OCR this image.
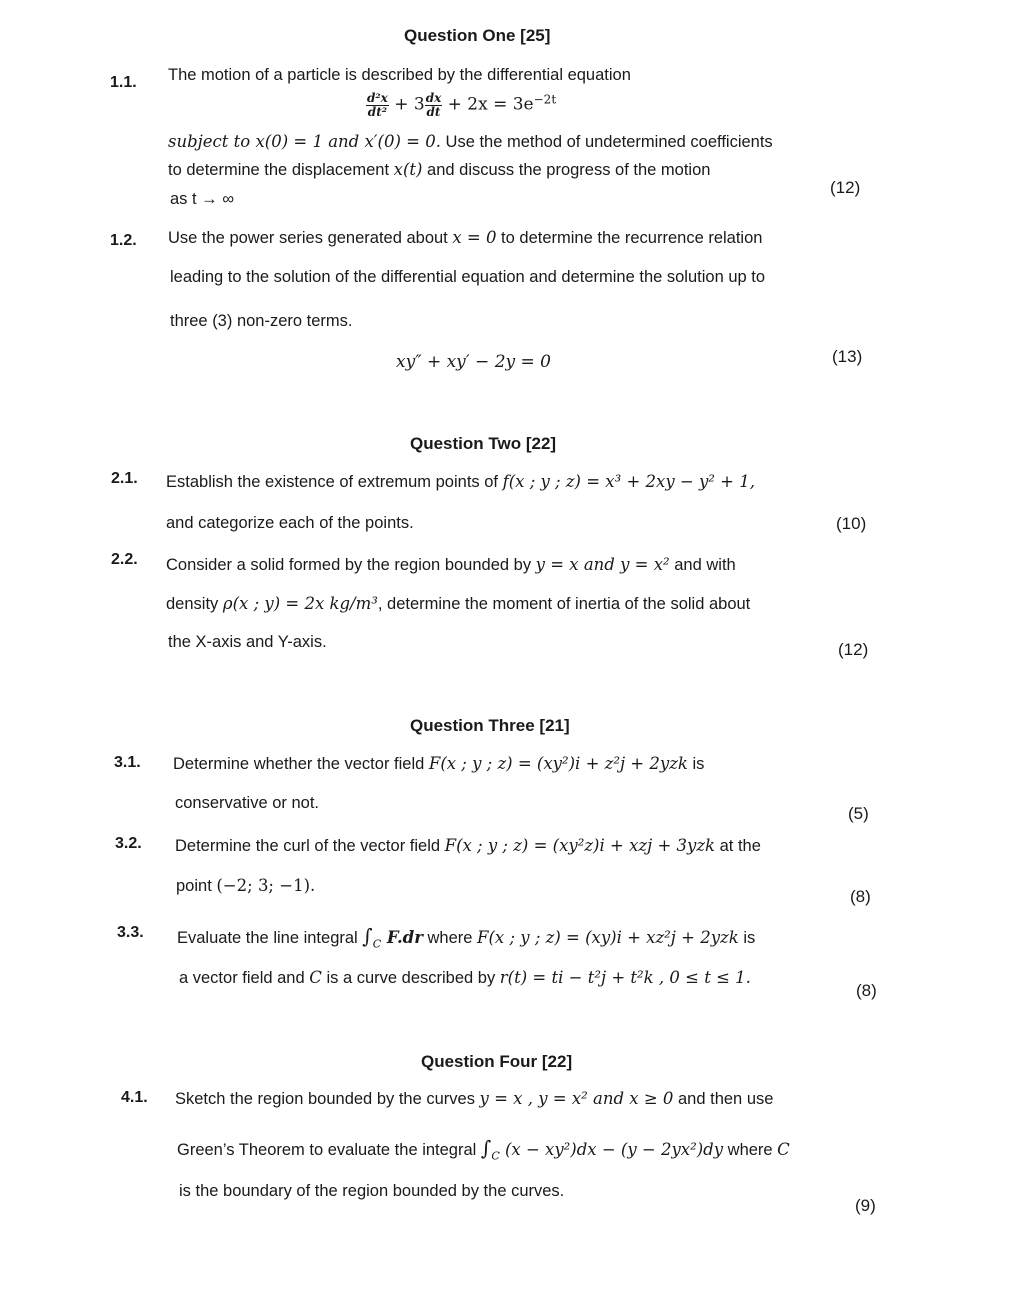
Question One [25]
1.1. The motion of a particle is described by the differential equation
$\frac{\text{d²x}}{\text{dt²}} + 3 \frac{dx}{dt} + 2x = 3e^{-2t}$
subject to x(0) = 1 and x′(0) = 0. Use the method of undetermined coefficients
to determine the displacement x(t) and discuss the progress of the motion
as t → ∞
(12)
1.2. Use the power series generated about x = 0 to determine the recurrence relation
leading to the solution of the differential equation and determine the solution up to
three (3) non-zero terms.
xy″ + xy′ − 2y = 0	(13)
Question Two [22]
2.1. Establish the existence of extremum points of f(x ; y ; z) = x³ + 2xy − y² + 1,
and categorize each of the points.	(10)
2.2. Consider a solid formed by the region bounded by y = x and y = x² and with
density ρ(x ; y) = 2x kg/m³, determine the moment of inertia of the solid about
the X-axis and Y-axis.	(12)
Question Three [21]
3.1. Determine whether the vector field F(x ; y ; z) = (xy²)i + z²j + 2yzk is
conservative or not.
(5)
3.2. Determine the curl of the vector field F(x ; y ; z) = (xy²z)i + xzj + 3yzk at the
point (−2; 3; −1).
(8)
3.3. Evaluate the line integral $\int_C$ F.dr where F(x ; y ; z) = (xy)i + xz²j + 2yzk is
a vector field and C is a curve described by r(t) = ti − t²j + t²k , 0 ≤ t ≤ 1.
(8)
Question Four [22]
4.1. Sketch the region bounded by the curves y = x , y = x² and x ≥ 0 and then use
Green’s Theorem to evaluate the integral $\int_C$ (x − xy²)dx − (y − 2yx²)dy where C
is the boundary of the region bounded by the curves.
(9)
